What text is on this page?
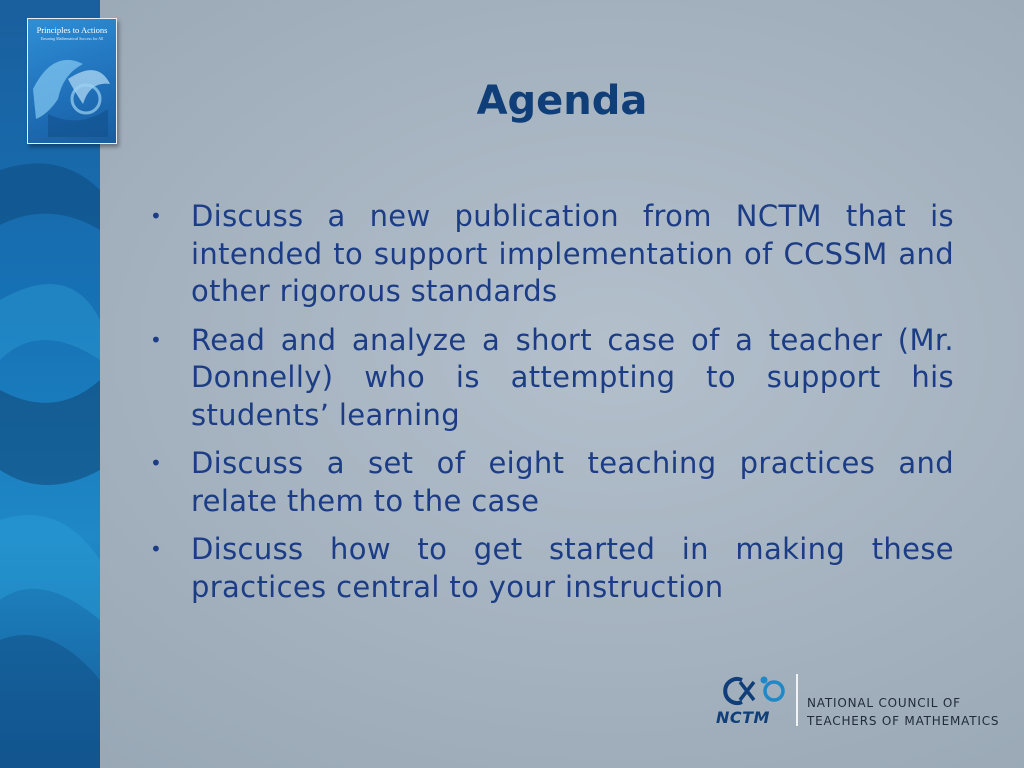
Principles to Actions
Ensuring Mathematical Success for All
Agenda
• Discuss a new publication from NCTM that is intended to support implementation of CCSSM and other rigorous standards
• Read and analyze a short case of a teacher (Mr. Donnelly) who is attempting to support his students’ learning
• Discuss a set of eight teaching practices and relate them to the case
• Discuss how to get started in making these practices central to your instruction
NCTM
NATIONAL COUNCIL OF
TEACHERS OF MATHEMATICS
